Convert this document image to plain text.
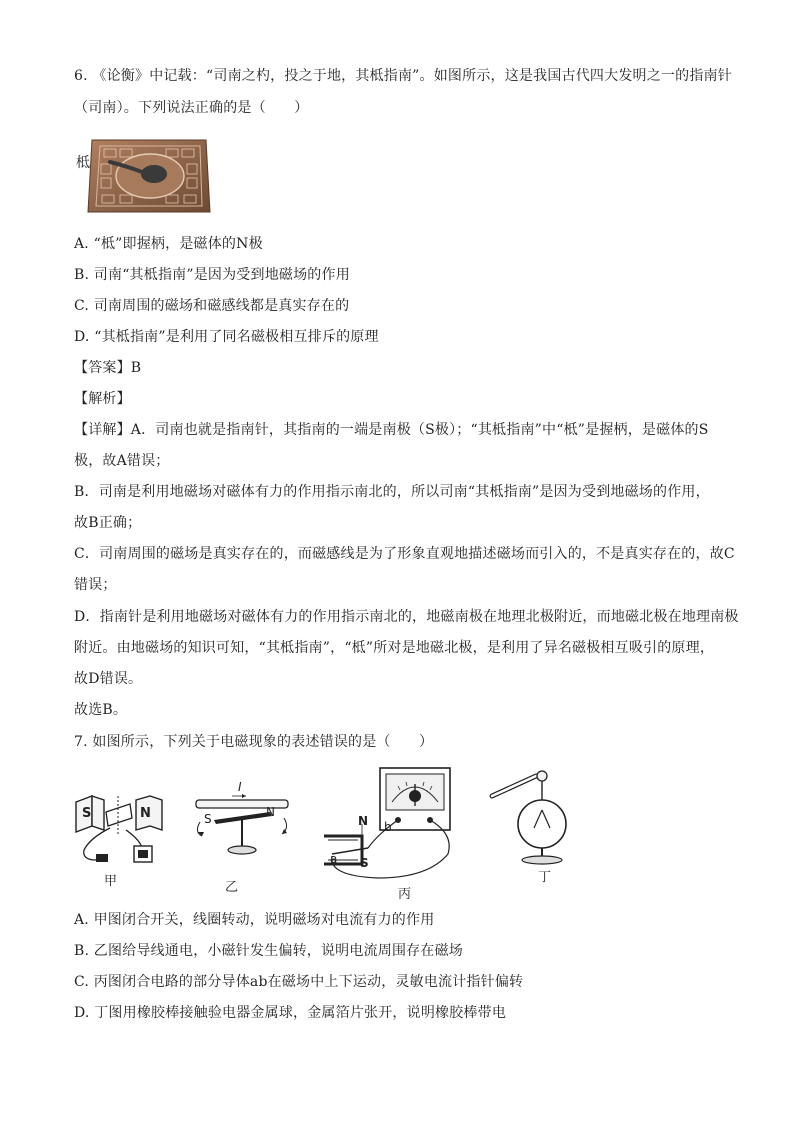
6. 《论衡》中记载：“司南之杓，投之于地，其柢指南”。如图所示，这是我国古代四大发明之一的指南针
（司南）。下列说法正确的是（　　）
柢
A. “柢”即握柄，是磁体的N极
B. 司南“其柢指南”是因为受到地磁场的作用
C. 司南周围的磁场和磁感线都是真实存在的
D. “其柢指南”是利用了同名磁极相互排斥的原理
【答案】B
【解析】
【详解】A．司南也就是指南针，其指南的一端是南极（S极）；“其柢指南”中“柢”是握柄，是磁体的S
极，故A错误；
B．司南是利用地磁场对磁体有力的作用指示南北的，所以司南“其柢指南”是因为受到地磁场的作用，
故B正确；
C．司南周围的磁场是真实存在的，而磁感线是为了形象直观地描述磁场而引入的，不是真实存在的，故C
错误；
D．指南针是利用地磁场对磁体有力的作用指示南北的，地磁南极在地理北极附近，而地磁北极在地理南极
附近。由地磁场的知识可知，“其柢指南”，“柢”所对是地磁北极，是利用了异名磁极相互吸引的原理，
故D错误。
故选B。
7. 如图所示，下列关于电磁现象的表述错误的是（　　）
S	N
甲
I
S	N
乙
N b
a S
丙
丁
A. 甲图闭合开关，线圈转动，说明磁场对电流有力的作用
B. 乙图给导线通电，小磁针发生偏转，说明电流周围存在磁场
C. 丙图闭合电路的部分导体ab在磁场中上下运动，灵敏电流计指针偏转
D. 丁图用橡胶棒接触验电器金属球，金属箔片张开，说明橡胶棒带电
